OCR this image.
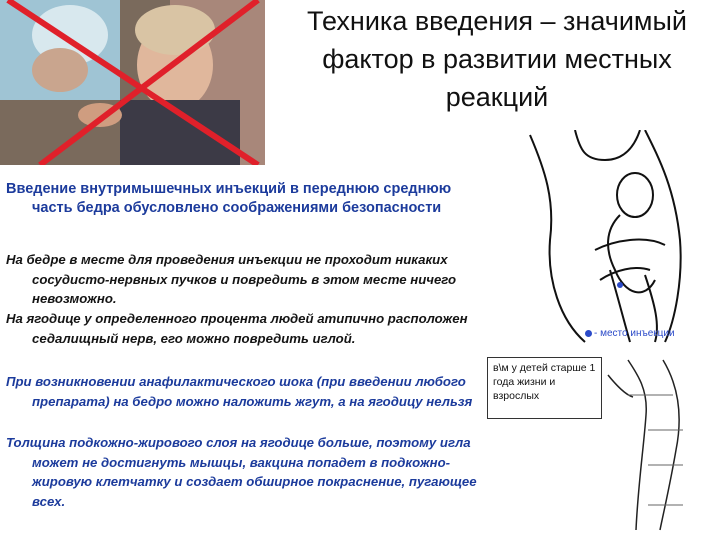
Техника введения – значимый фактор в развитии местных реакций
Введение внутримышечных инъекций в переднюю среднюю часть бедра обусловлено соображениями безопасности
На бедре в месте для проведения инъекции не проходит никаких сосудисто-нервных пучков и повредить в этом месте ничего невозможно.
На ягодице у определенного процента людей атипично расположен седалищный нерв, его можно повредить иглой.
При возникновении анафилактического шока (при введении любого препарата) на бедро можно наложить жгут, а на ягодицу нельзя
Толщина подкожно-жирового слоя на ягодице больше, поэтому игла может не достигнуть мышцы, вакцина попадет в подкожно-жировую клетчатку и создает обширное покраснение, пугающее всех.
- место инъекции
в\м у детей старше 1 года жизни и взрослых
